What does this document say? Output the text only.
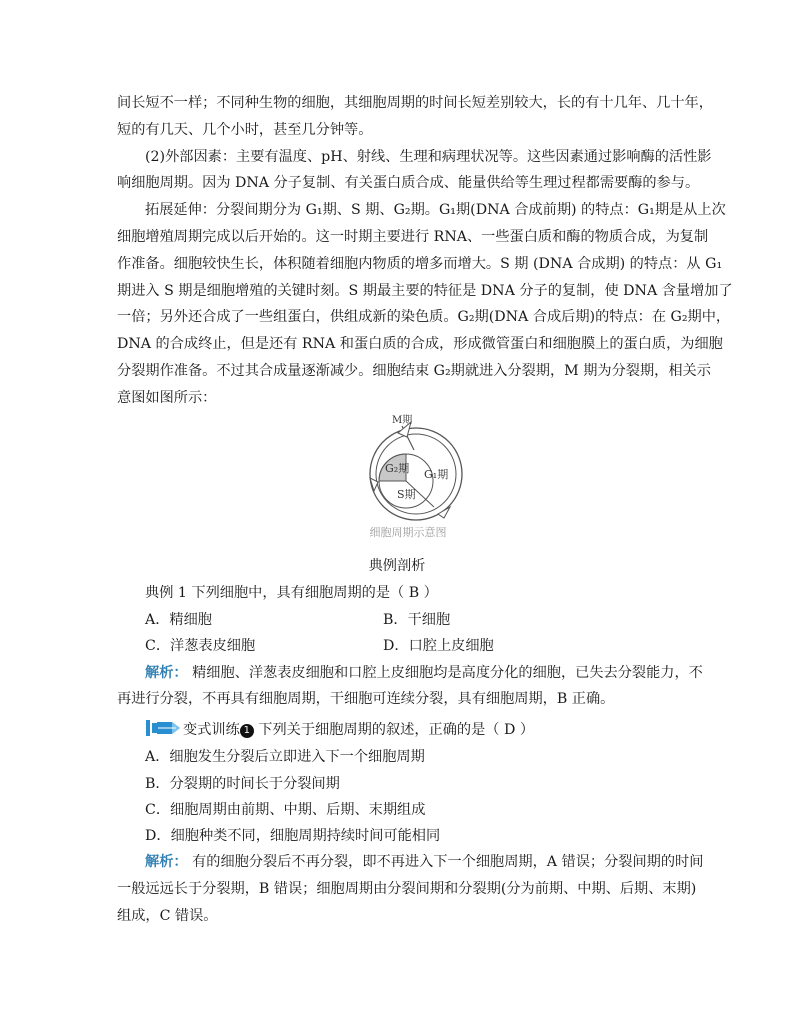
间长短不一样；不同种生物的细胞，其细胞周期的时间长短差别较大，长的有十几年、几十年，
短的有几天、几个小时，甚至几分钟等。
(2)外部因素：主要有温度、pH、射线、生理和病理状况等。这些因素通过影响酶的活性影
响细胞周期。因为 DNA 分子复制、有关蛋白质合成、能量供给等生理过程都需要酶的参与。
拓展延伸：分裂间期分为 G₁期、S 期、G₂期。G₁期(DNA 合成前期) 的特点：G₁期是从上次
细胞增殖周期完成以后开始的。这一时期主要进行 RNA、一些蛋白质和酶的物质合成，为复制
作准备。细胞较快生长，体积随着细胞内物质的增多而增大。S 期 (DNA 合成期) 的特点：从 G₁
期进入 S 期是细胞增殖的关键时刻。S 期最主要的特征是 DNA 分子的复制，使 DNA 含量增加了
一倍；另外还合成了一些组蛋白，供组成新的染色质。G₂期(DNA 合成后期)的特点：在 G₂期中，
DNA 的合成终止，但是还有 RNA 和蛋白质的合成，形成微管蛋白和细胞膜上的蛋白质，为细胞
分裂期作准备。不过其合成量逐渐减少。细胞结束 G₂期就进入分裂期，M 期为分裂期，相关示
意图如图所示：
M期
G₂期 G₁期
S期
细胞周期示意图
典例剖析
典例 1 下列细胞中，具有细胞周期的是（ B ）
A．精细胞	B．干细胞
C．洋葱表皮细胞	D．口腔上皮细胞
解析： 精细胞、洋葱表皮细胞和口腔上皮细胞均是高度分化的细胞，已失去分裂能力，不
再进行分裂，不再具有细胞周期，干细胞可连续分裂，具有细胞周期，B 正确。
变式训练 1 下列关于细胞周期的叙述，正确的是（ D ）
A．细胞发生分裂后立即进入下一个细胞周期
B．分裂期的时间长于分裂间期
C．细胞周期由前期、中期、后期、末期组成
D．细胞种类不同，细胞周期持续时间可能相同
解析： 有的细胞分裂后不再分裂，即不再进入下一个细胞周期，A 错误；分裂间期的时间
一般远远长于分裂期，B 错误；细胞周期由分裂间期和分裂期(分为前期、中期、后期、末期)
组成，C 错误。
